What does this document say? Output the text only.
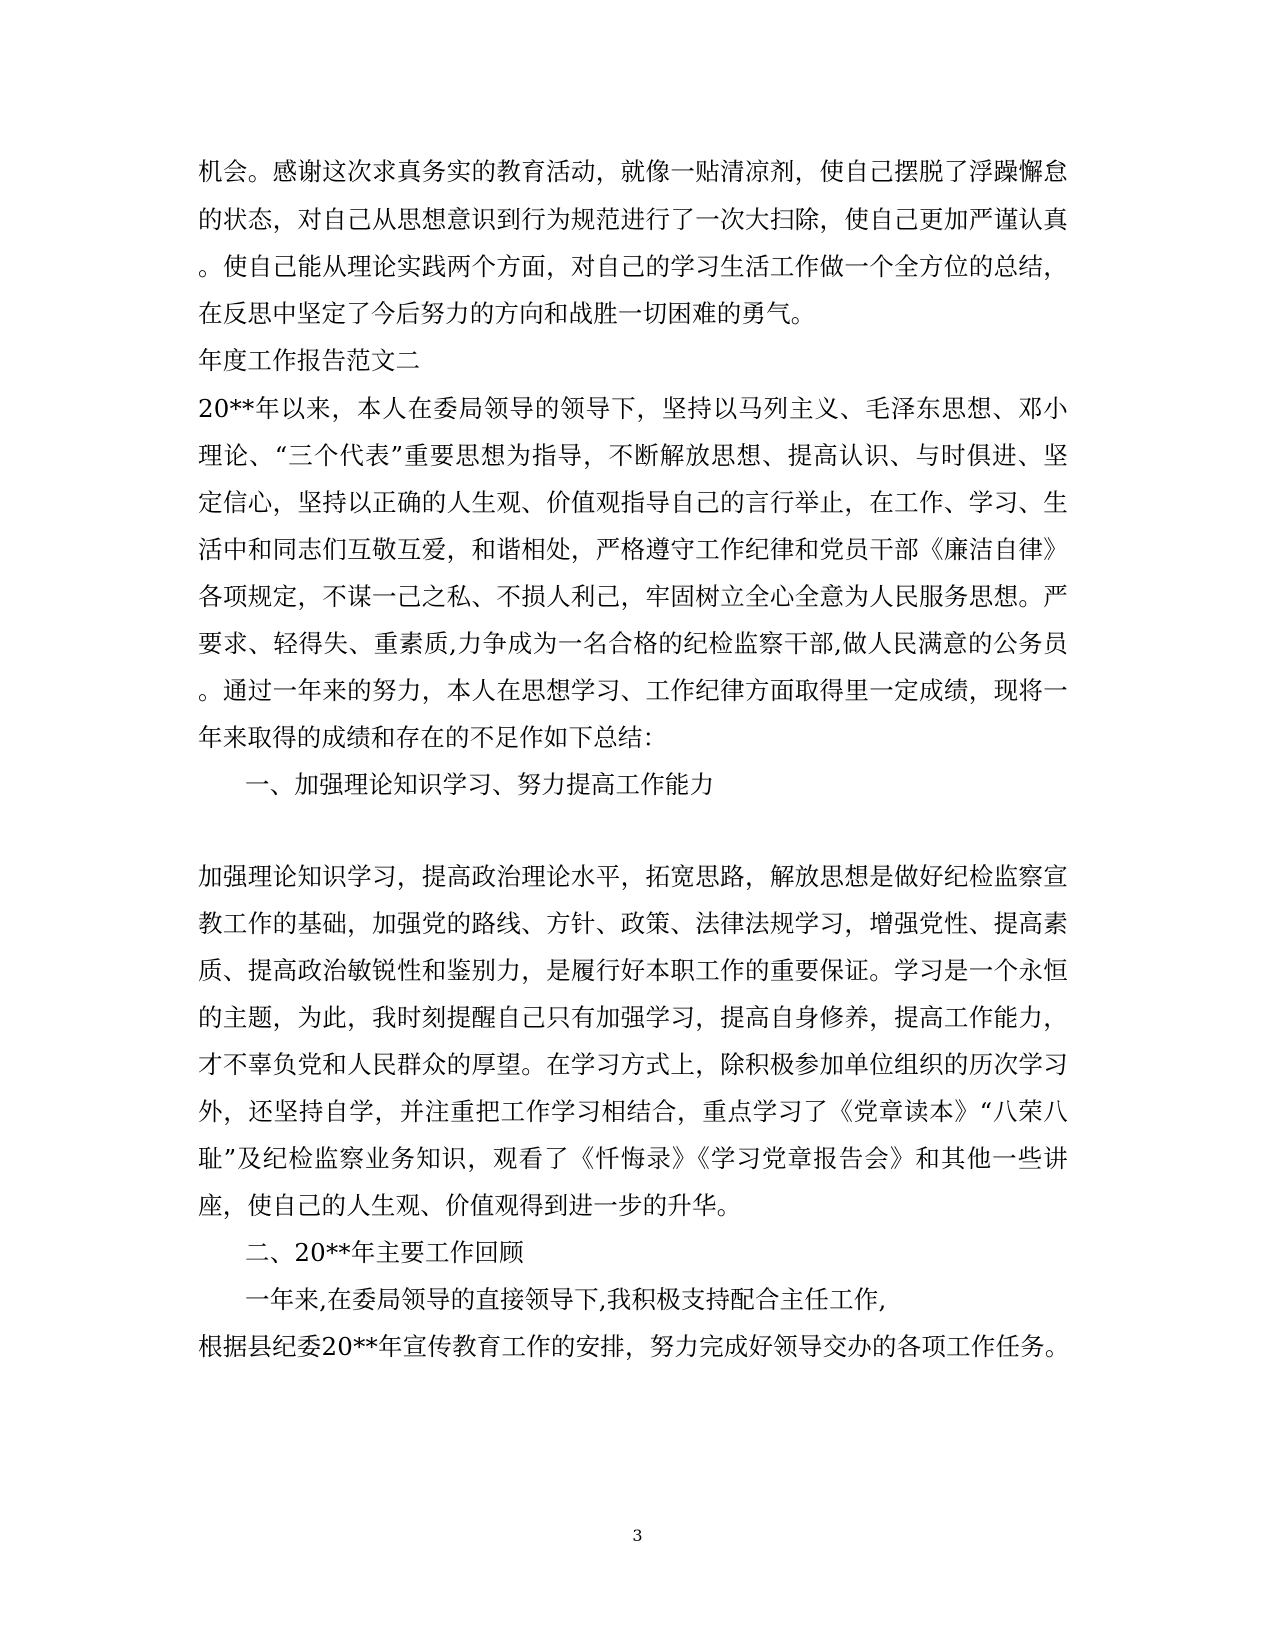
机会。感谢这次求真务实的教育活动，就像一贴清凉剂，使自己摆脱了浮躁懈怠
的状态，对自己从思想意识到行为规范进行了一次大扫除，使自己更加严谨认真
。使自己能从理论实践两个方面，对自己的学习生活工作做一个全方位的总结，
在反思中坚定了今后努力的方向和战胜一切困难的勇气。
年度工作报告范文二
20**年以来，本人在委局领导的领导下，坚持以马列主义、毛泽东思想、邓小
理论、“三个代表”重要思想为指导，不断解放思想、提高认识、与时俱进、坚
定信心，坚持以正确的人生观、价值观指导自己的言行举止，在工作、学习、生
活中和同志们互敬互爱，和谐相处，严格遵守工作纪律和党员干部《廉洁自律》
各项规定，不谋一己之私、不损人利己，牢固树立全心全意为人民服务思想。严
要求、轻得失、重素质,力争成为一名合格的纪检监察干部,做人民满意的公务员
。通过一年来的努力，本人在思想学习、工作纪律方面取得里一定成绩，现将一
年来取得的成绩和存在的不足作如下总结：
一、加强理论知识学习、努力提高工作能力
加强理论知识学习，提高政治理论水平，拓宽思路，解放思想是做好纪检监察宣
教工作的基础，加强党的路线、方针、政策、法律法规学习，增强党性、提高素
质、提高政治敏锐性和鉴别力，是履行好本职工作的重要保证。学习是一个永恒
的主题，为此，我时刻提醒自己只有加强学习，提高自身修养，提高工作能力，
才不辜负党和人民群众的厚望。在学习方式上，除积极参加单位组织的历次学习
外，还坚持自学，并注重把工作学习相结合，重点学习了《党章读本》“八荣八
耻”及纪检监察业务知识，观看了《忏悔录》《学习党章报告会》和其他一些讲
座，使自己的人生观、价值观得到进一步的升华。
二、20**年主要工作回顾
一年来,在委局领导的直接领导下,我积极支持配合主任工作,
根据县纪委20**年宣传教育工作的安排，努力完成好领导交办的各项工作任务。
3
